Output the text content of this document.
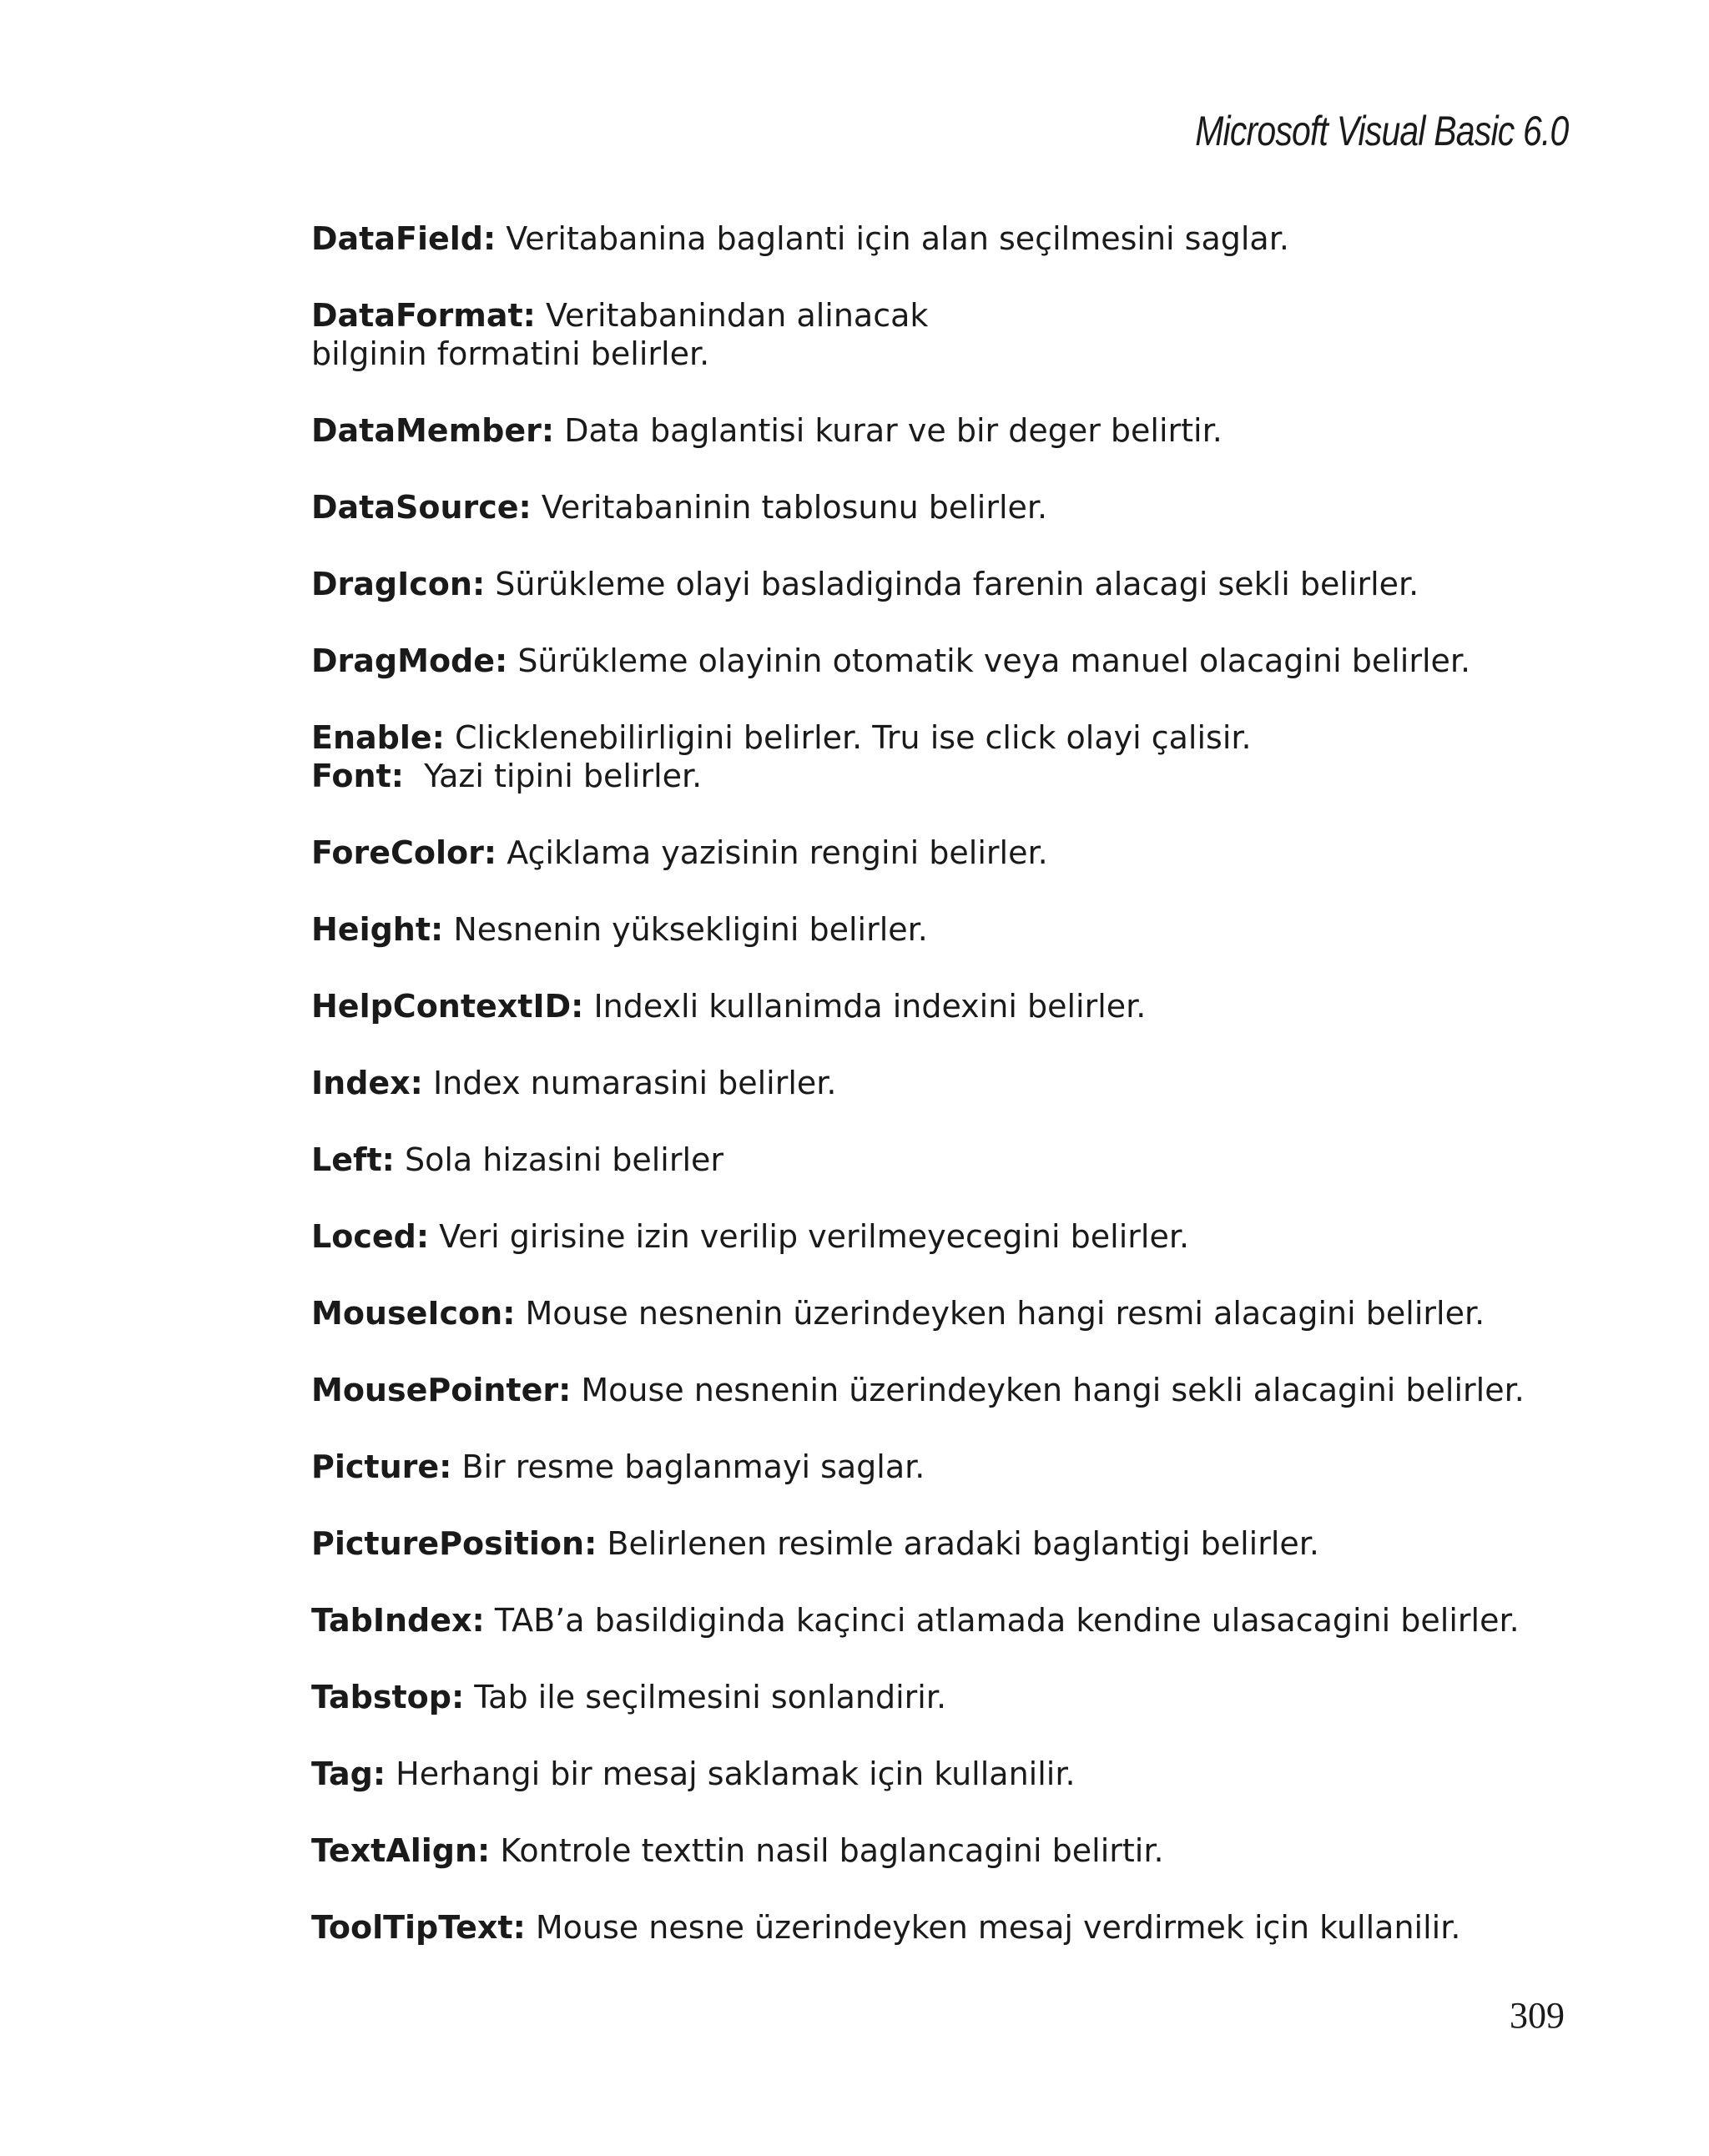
Microsoft Visual Basic 6.0
DataField: Veritabanina baglanti için alan seçilmesini saglar.
DataFormat: Veritabanindan alinacak bilginin formatini belirler.
DataMember: Data baglantisi kurar ve bir deger belirtir.
DataSource: Veritabaninin tablosunu belirler.
DragIcon: Sürükleme olayi basladiginda farenin alacagi sekli belirler.
DragMode: Sürükleme olayinin otomatik veya manuel olacagini belirler.
Enable: Clicklenebilirligini belirler. Tru ise click olayi çalisir.
Font: Yazi tipini belirler.
ForeColor: Açiklama yazisinin rengini belirler.
Height: Nesnenin yüksekligini belirler.
HelpContextID: Indexli kullanimda indexini belirler.
Index: Index numarasini belirler.
Left: Sola hizasini belirler
Loced: Veri girisine izin verilip verilmeyecegini belirler.
MouseIcon: Mouse nesnenin üzerindeyken hangi resmi alacagini belirler.
MousePointer: Mouse nesnenin üzerindeyken hangi sekli alacagini belirler.
Picture: Bir resme baglanmayi saglar.
PicturePosition: Belirlenen resimle aradaki baglantigi belirler.
TabIndex: TAB’a basildiginda kaçinci atlamada kendine ulasacagini belirler.
Tabstop: Tab ile seçilmesini sonlandirir.
Tag: Herhangi bir mesaj saklamak için kullanilir.
TextAlign: Kontrole texttin nasil baglancagini belirtir.
ToolTipText: Mouse nesne üzerindeyken mesaj verdirmek için kullanilir.
309
